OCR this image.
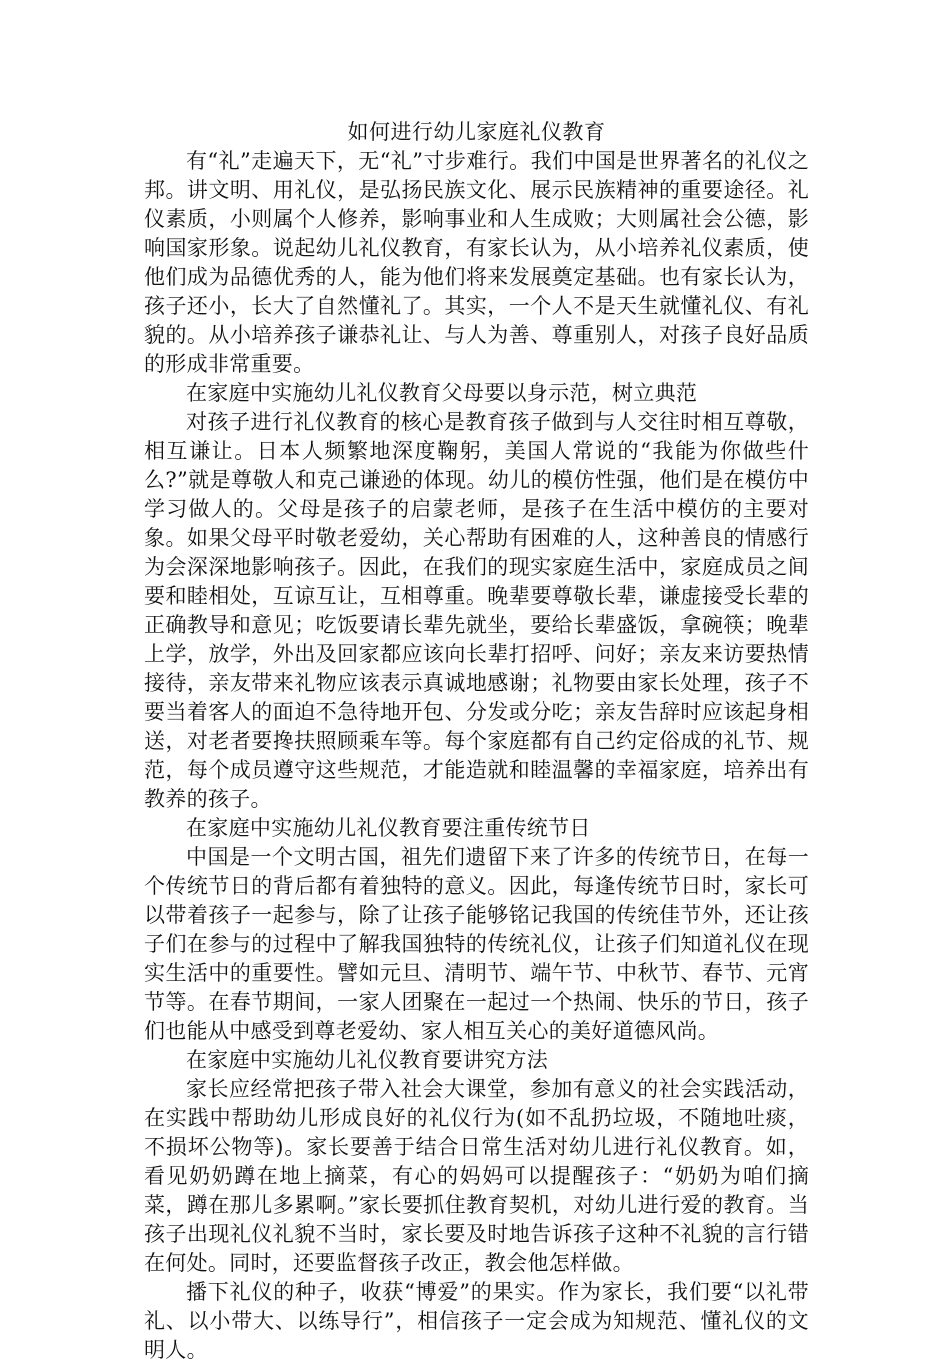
如何进行幼儿家庭礼仪教育

有“礼”走遍天下，无“礼”寸步难行。我们中国是世界著名的礼仪之邦。讲文明、用礼仪，是弘扬民族文化、展示民族精神的重要途径。礼仪素质，小则属个人修养，影响事业和人生成败；大则属社会公德，影响国家形象。说起幼儿礼仪教育，有家长认为，从小培养礼仪素质，使他们成为品德优秀的人，能为他们将来发展奠定基础。也有家长认为，孩子还小，长大了自然懂礼了。其实，一个人不是天生就懂礼仪、有礼貌的。从小培养孩子谦恭礼让、与人为善、尊重别人，对孩子良好品质的形成非常重要。

在家庭中实施幼儿礼仪教育父母要以身示范，树立典范

对孩子进行礼仪教育的核心是教育孩子做到与人交往时相互尊敬，相互谦让。日本人频繁地深度鞠躬，美国人常说的“我能为你做些什么?”就是尊敬人和克己谦逊的体现。幼儿的模仿性强，他们是在模仿中学习做人的。父母是孩子的启蒙老师，是孩子在生活中模仿的主要对象。如果父母平时敬老爱幼，关心帮助有困难的人，这种善良的情感行为会深深地影响孩子。因此，在我们的现实家庭生活中，家庭成员之间要和睦相处，互谅互让，互相尊重。晚辈要尊敬长辈，谦虚接受长辈的正确教导和意见；吃饭要请长辈先就坐，要给长辈盛饭，拿碗筷；晚辈上学，放学，外出及回家都应该向长辈打招呼、问好；亲友来访要热情接待，亲友带来礼物应该表示真诚地感谢；礼物要由家长处理，孩子不要当着客人的面迫不急待地开包、分发或分吃；亲友告辞时应该起身相送，对老者要搀扶照顾乘车等。每个家庭都有自己约定俗成的礼节、规范，每个成员遵守这些规范，才能造就和睦温馨的幸福家庭，培养出有教养的孩子。

在家庭中实施幼儿礼仪教育要注重传统节日

中国是一个文明古国，祖先们遗留下来了许多的传统节日，在每一个传统节日的背后都有着独特的意义。因此，每逢传统节日时，家长可以带着孩子一起参与，除了让孩子能够铭记我国的传统佳节外，还让孩子们在参与的过程中了解我国独特的传统礼仪，让孩子们知道礼仪在现实生活中的重要性。譬如元旦、清明节、端午节、中秋节、春节、元宵节等。在春节期间，一家人团聚在一起过一个热闹、快乐的节日，孩子们也能从中感受到尊老爱幼、家人相互关心的美好道德风尚。

在家庭中实施幼儿礼仪教育要讲究方法

家长应经常把孩子带入社会大课堂，参加有意义的社会实践活动，在实践中帮助幼儿形成良好的礼仪行为(如不乱扔垃圾，不随地吐痰，不损坏公物等)。家长要善于结合日常生活对幼儿进行礼仪教育。如，看见奶奶蹲在地上摘菜，有心的妈妈可以提醒孩子：“奶奶为咱们摘菜，蹲在那儿多累啊。”家长要抓住教育契机，对幼儿进行爱的教育。当孩子出现礼仪礼貌不当时，家长要及时地告诉孩子这种不礼貌的言行错在何处。同时，还要监督孩子改正，教会他怎样做。

播下礼仪的种子，收获“博爱”的果实。作为家长，我们要“以礼带礼、以小带大、以练导行”，相信孩子一定会成为知规范、懂礼仪的文明人。
